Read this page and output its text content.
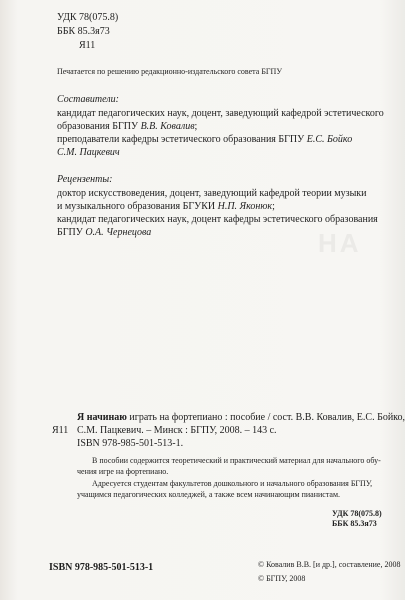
НА
УДК 78(075.8)
ББК 85.3я73
Я11
Печатается по решению редакционно-издательского совета БГПУ
Составители:
кандидат педагогических наук, доцент, заведующий кафедрой эстетического
образования БГПУ В.В. Ковалив;
преподаватели кафедры эстетического образования БГПУ Е.С. Бойко
С.М. Пацкевич
Рецензенты:
доктор искусствоведения, доцент, заведующий кафедрой теории музыки
и музыкального образования БГУКИ Н.П. Яконюк;
кандидат педагогических наук, доцент кафедры эстетического образования
БГПУ О.А. Чернецова
Я начинаю играть на фортепиано : пособие / сост. В.В. Ковалив, Е.С. Бойко,
Я11 С.М. Пацкевич. – Минск : БГПУ, 2008. – 143 с.
ISBN 978-985-501-513-1.
В пособии содержится теоретический и практический материал для начального обу-
чения игре на фортепиано.
Адресуется студентам факультетов дошкольного и начального образования БГПУ,
учащимся педагогических колледжей, а также всем начинающим пианистам.
УДК 78(075.8)
ББК 85.3я73
ISBN 978-985-501-513-1	© Ковалив В.В. [и др.], составление, 2008
© БГПУ, 2008
